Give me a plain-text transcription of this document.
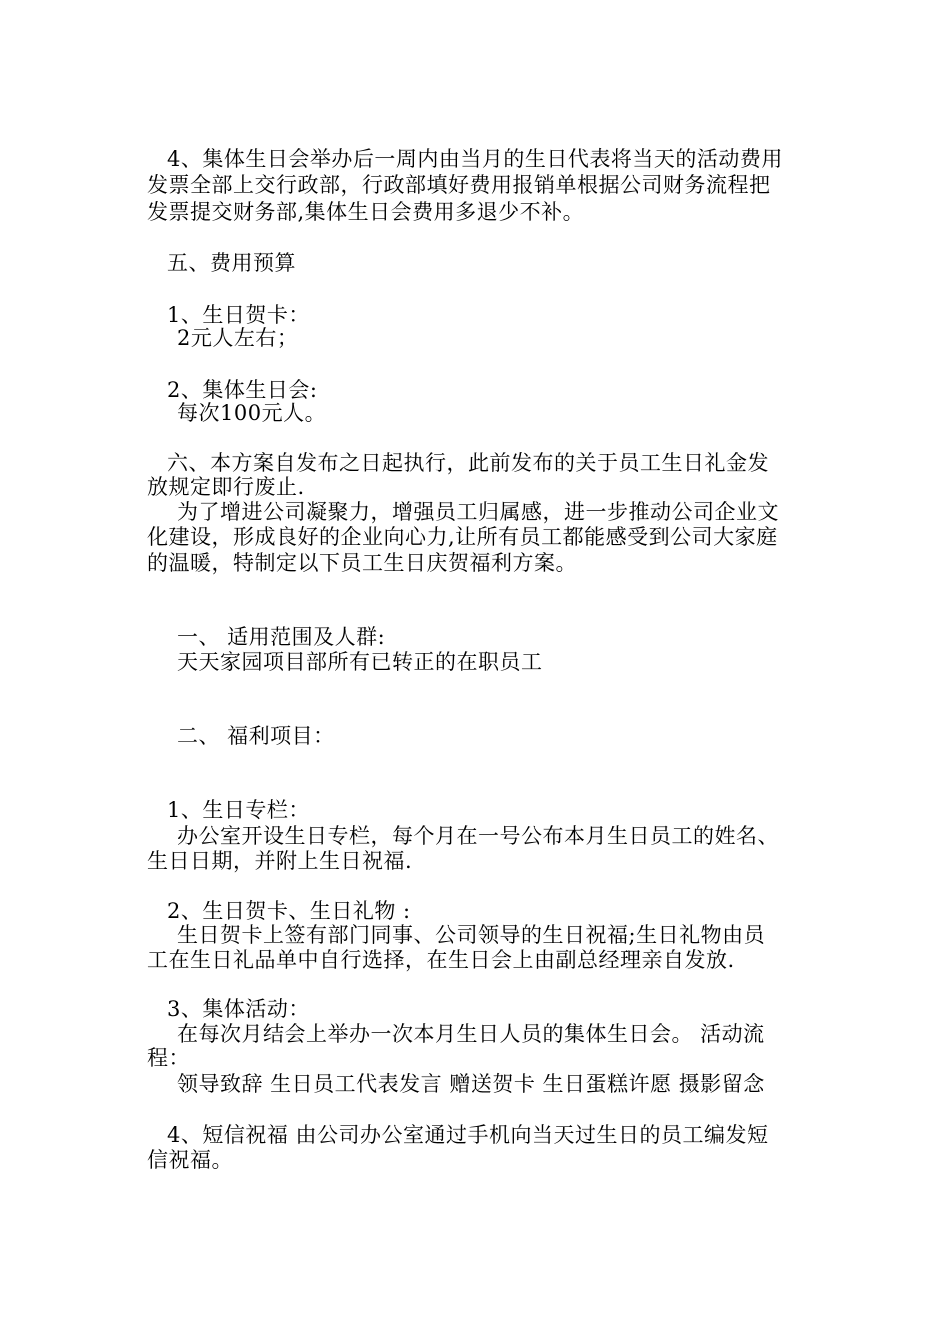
4、集体生日会举办后一周内由当月的生日代表将当天的活动费用
发票全部上交行政部，行政部填好费用报销单根据公司财务流程把
发票提交财务部,集体生日会费用多退少不补。
五、费用预算
1、生日贺卡：
2元人左右；
2、集体生日会:
每次100元人。
六、本方案自发布之日起执行，此前发布的关于员工生日礼金发
放规定即行废止.
为了增进公司凝聚力，增强员工归属感，进一步推动公司企业文
化建设，形成良好的企业向心力,让所有员工都能感受到公司大家庭
的温暖，特制定以下员工生日庆贺福利方案。
一、 适用范围及人群:
天天家园项目部所有已转正的在职员工
二、 福利项目：
1、生日专栏：
办公室开设生日专栏，每个月在一号公布本月生日员工的姓名、
生日日期，并附上生日祝福.
2、生日贺卡、生日礼物 :
生日贺卡上签有部门同事、公司领导的生日祝福;生日礼物由员
工在生日礼品单中自行选择，在生日会上由副总经理亲自发放.
3、集体活动：
在每次月结会上举办一次本月生日人员的集体生日会。 活动流
程：
领导致辞 生日员工代表发言 赠送贺卡 生日蛋糕许愿 摄影留念
4、短信祝福 由公司办公室通过手机向当天过生日的员工编发短
信祝福。
